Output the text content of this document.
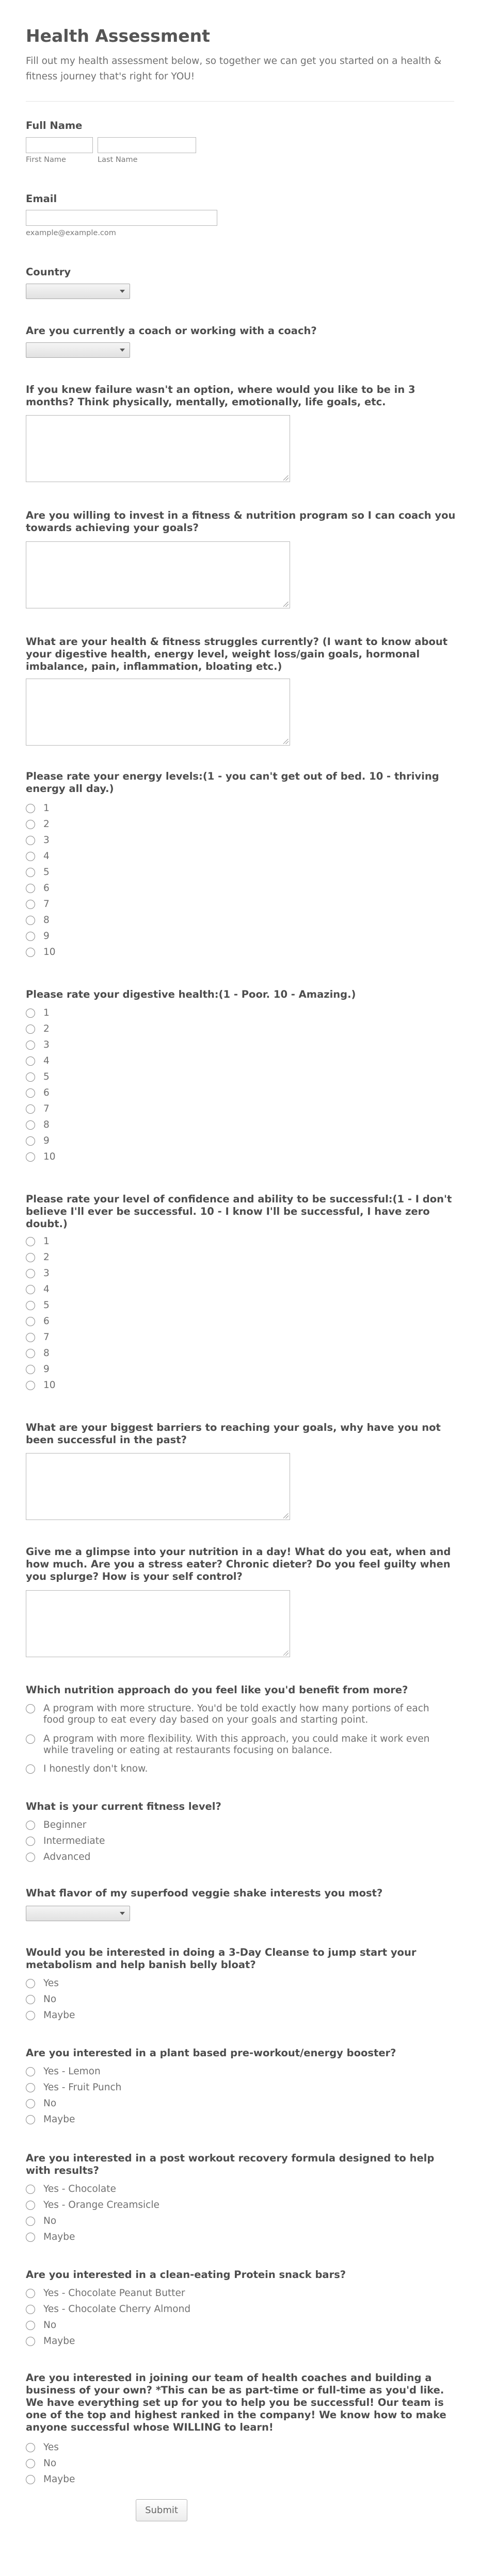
Health Assessment

Fill out my health assessment below, so together we can get you started on a health & fitness journey that's right for YOU!

Full Name
First Name	Last Name
Email
example@example.com
Country
Are you currently a coach or working with a coach?
If you knew failure wasn't an option, where would you like to be in 3 months? Think physically, mentally, emotionally, life goals, etc.
Are you willing to invest in a fitness & nutrition program so I can coach you towards achieving your goals?
What are your health & fitness struggles currently? (I want to know about your digestive health, energy level, weight loss/gain goals, hormonal imbalance, pain, inflammation, bloating etc.)
Please rate your energy levels:(1 - you can't get out of bed. 10 - thriving energy all day.)
1
2
3
4
5
6
7
8
9
10
Please rate your digestive health:(1 - Poor. 10 - Amazing.)
1
2
3
4
5
6
7
8
9
10
Please rate your level of confidence and ability to be successful:(1 - I don't believe I'll ever be successful. 10 - I know I'll be successful, I have zero doubt.)
1
2
3
4
5
6
7
8
9
10
What are your biggest barriers to reaching your goals, why have you not been successful in the past?
Give me a glimpse into your nutrition in a day! What do you eat, when and how much. Are you a stress eater? Chronic dieter? Do you feel guilty when you splurge? How is your self control?
Which nutrition approach do you feel like you'd benefit from more?
A program with more structure. You'd be told exactly how many portions of each food group to eat every day based on your goals and starting point.
A program with more flexibility. With this approach, you could make it work even while traveling or eating at restaurants focusing on balance.
I honestly don't know.
What is your current fitness level?
Beginner
Intermediate
Advanced
What flavor of my superfood veggie shake interests you most?
Would you be interested in doing a 3-Day Cleanse to jump start your metabolism and help banish belly bloat?
Yes
No
Maybe
Are you interested in a plant based pre-workout/energy booster?
Yes - Lemon
Yes - Fruit Punch
No
Maybe
Are you interested in a post workout recovery formula designed to help with results?
Yes - Chocolate
Yes - Orange Creamsicle
No
Maybe
Are you interested in a clean-eating Protein snack bars?
Yes - Chocolate Peanut Butter
Yes - Chocolate Cherry Almond
No
Maybe
Are you interested in joining our team of health coaches and building a business of your own? *This can be as part-time or full-time as you'd like. We have everything set up for you to help you be successful! Our team is one of the top and highest ranked in the company! We know how to make anyone successful whose WILLING to learn!
Yes
No
Maybe
Submit
